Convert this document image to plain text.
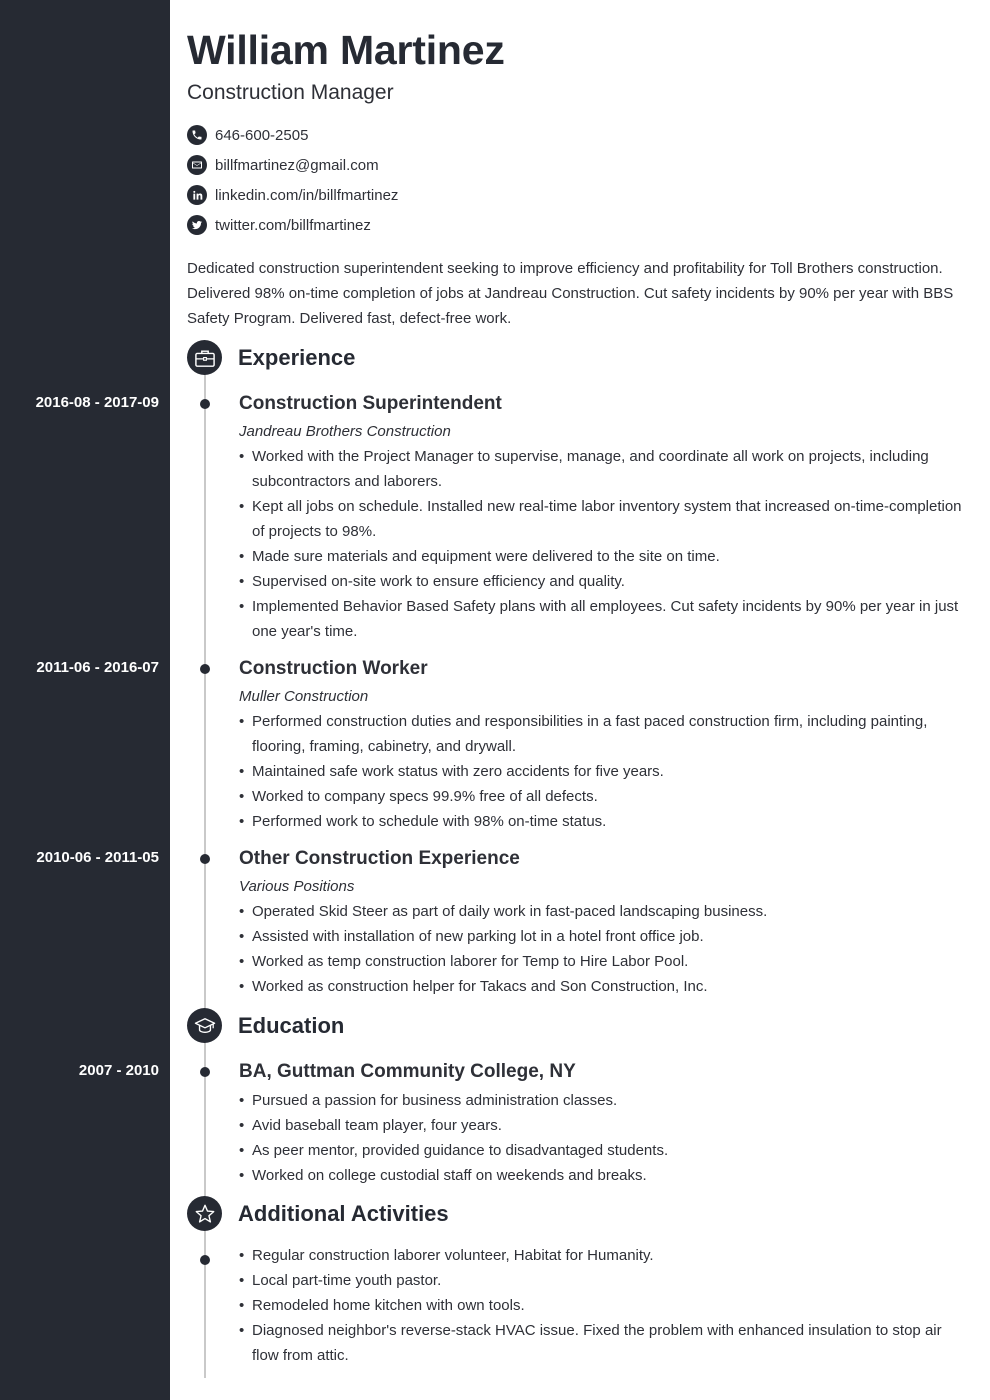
William Martinez
Construction Manager
646-600-2505
billfmartinez@gmail.com
linkedin.com/in/billfmartinez
twitter.com/billfmartinez
Dedicated construction superintendent seeking to improve efficiency and profitability for Toll Brothers construction. Delivered 98% on-time completion of jobs at Jandreau Construction. Cut safety incidents by 90% per year with BBS Safety Program. Delivered fast, defect-free work.
Experience
2016-08 - 2017-09	Construction Superintendent
Jandreau Brothers Construction
• Worked with the Project Manager to supervise, manage, and coordinate all work on projects, including subcontractors and laborers.
• Kept all jobs on schedule. Installed new real-time labor inventory system that increased on-time-completion of projects to 98%.
• Made sure materials and equipment were delivered to the site on time.
• Supervised on-site work to ensure efficiency and quality.
• Implemented Behavior Based Safety plans with all employees. Cut safety incidents by 90% per year in just one year's time.
2011-06 - 2016-07	Construction Worker
Muller Construction
• Performed construction duties and responsibilities in a fast paced construction firm, including painting, flooring, framing, cabinetry, and drywall.
• Maintained safe work status with zero accidents for five years.
• Worked to company specs 99.9% free of all defects.
• Performed work to schedule with 98% on-time status.
2010-06 - 2011-05	Other Construction Experience
Various Positions
• Operated Skid Steer as part of daily work in fast-paced landscaping business.
• Assisted with installation of new parking lot in a hotel front office job.
• Worked as temp construction laborer for Temp to Hire Labor Pool.
• Worked as construction helper for Takacs and Son Construction, Inc.
Education
2007 - 2010	BA, Guttman Community College, NY
• Pursued a passion for business administration classes.
• Avid baseball team player, four years.
• As peer mentor, provided guidance to disadvantaged students.
• Worked on college custodial staff on weekends and breaks.
Additional Activities
• Regular construction laborer volunteer, Habitat for Humanity.
• Local part-time youth pastor.
• Remodeled home kitchen with own tools.
• Diagnosed neighbor's reverse-stack HVAC issue. Fixed the problem with enhanced insulation to stop air flow from attic.
